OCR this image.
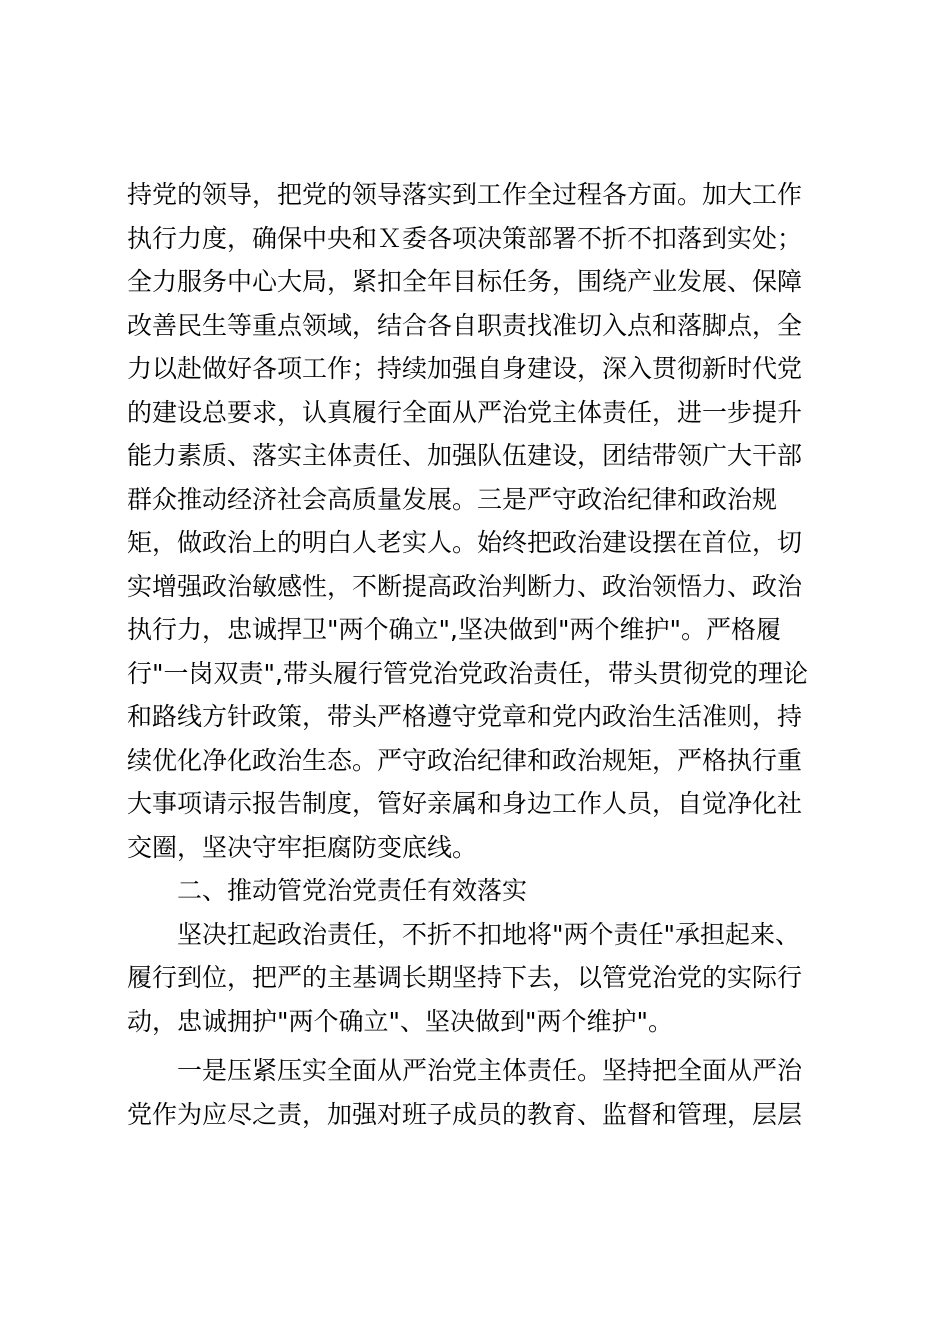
持党的领导，把党的领导落实到工作全过程各方面。加大工作
执行力度，确保中央和Ｘ委各项决策部署不折不扣落到实处；
全力服务中心大局，紧扣全年目标任务，围绕产业发展、保障
改善民生等重点领域，结合各自职责找准切入点和落脚点，全
力以赴做好各项工作；持续加强自身建设，深入贯彻新时代党
的建设总要求，认真履行全面从严治党主体责任，进一步提升
能力素质、落实主体责任、加强队伍建设，团结带领广大干部
群众推动经济社会高质量发展。三是严守政治纪律和政治规
矩，做政治上的明白人老实人。始终把政治建设摆在首位，切
实增强政治敏感性，不断提高政治判断力、政治领悟力、政治
执行力，忠诚捍卫"两个确立",坚决做到"两个维护"。严格履
行"一岗双责",带头履行管党治党政治责任，带头贯彻党的理论
和路线方针政策，带头严格遵守党章和党内政治生活准则，持
续优化净化政治生态。严守政治纪律和政治规矩，严格执行重
大事项请示报告制度，管好亲属和身边工作人员，自觉净化社
交圈，坚决守牢拒腐防变底线。
二、推动管党治党责任有效落实
坚决扛起政治责任，不折不扣地将"两个责任"承担起来、
履行到位，把严的主基调长期坚持下去，以管党治党的实际行
动，忠诚拥护"两个确立"、坚决做到"两个维护"。
一是压紧压实全面从严治党主体责任。坚持把全面从严治
党作为应尽之责，加强对班子成员的教育、监督和管理，层层
